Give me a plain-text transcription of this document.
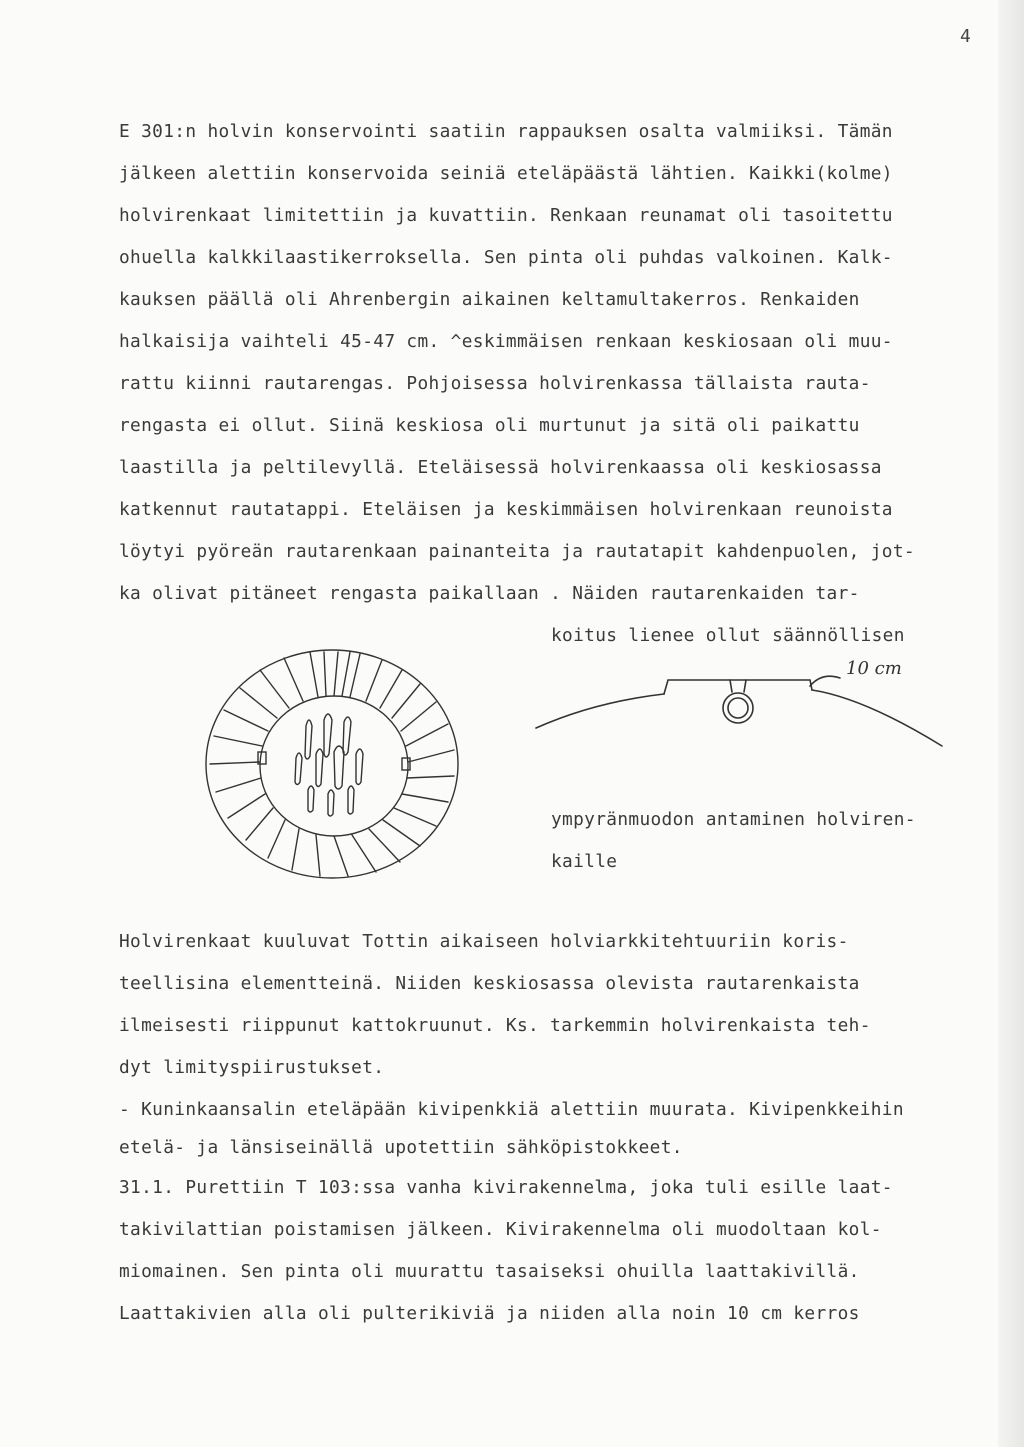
4
E 301:n holvin konservointi saatiin rappauksen osalta valmiiksi. Tämän
jälkeen alettiin konservoida seiniä eteläpäästä lähtien. Kaikki(kolme)
holvirenkaat limitettiin ja kuvattiin. Renkaan reunamat oli tasoitettu
ohuella kalkkilaastikerroksella. Sen pinta oli puhdas valkoinen. Kalk-
kauksen päällä oli Ahrenbergin aikainen keltamultakerros. Renkaiden
halkaisija vaihteli 45-47 cm. ^eskimmäisen renkaan keskiosaan oli muu-
rattu kiinni rautarengas. Pohjoisessa holvirenkassa tällaista rauta-
rengasta ei ollut. Siinä keskiosa oli murtunut ja sitä oli paikattu
laastilla ja peltilevyllä. Eteläisessä holvirenkaassa oli keskiosassa
katkennut rautatappi. Eteläisen ja keskimmäisen holvirenkaan reunoista
löytyi pyöreän rautarenkaan painanteita ja rautatapit kahdenpuolen, jot-
ka olivat pitäneet rengasta paikallaan . Näiden rautarenkaiden tar-
koitus lienee ollut säännöllisen
ympyränmuodon antaminen holviren-
kaille
10 cm
Holvirenkaat kuuluvat Tottin aikaiseen holviarkkitehtuuriin koris-
teellisina elementteinä. Niiden keskiosassa olevista rautarenkaista
ilmeisesti riippunut kattokruunut. Ks. tarkemmin holvirenkaista teh-
dyt limityspiirustukset.
- Kuninkaansalin eteläpään kivipenkkiä alettiin muurata. Kivipenkkeihin
etelä- ja länsiseinällä upotettiin sähköpistokkeet.
31.1. Purettiin T 103:ssa vanha kivirakennelma, joka tuli esille laat-
takivilattian poistamisen jälkeen. Kivirakennelma oli muodoltaan kol-
miomainen. Sen pinta oli muurattu tasaiseksi ohuilla laattakivillä.
Laattakivien alla oli pulterikiviä ja niiden alla noin 10 cm kerros
